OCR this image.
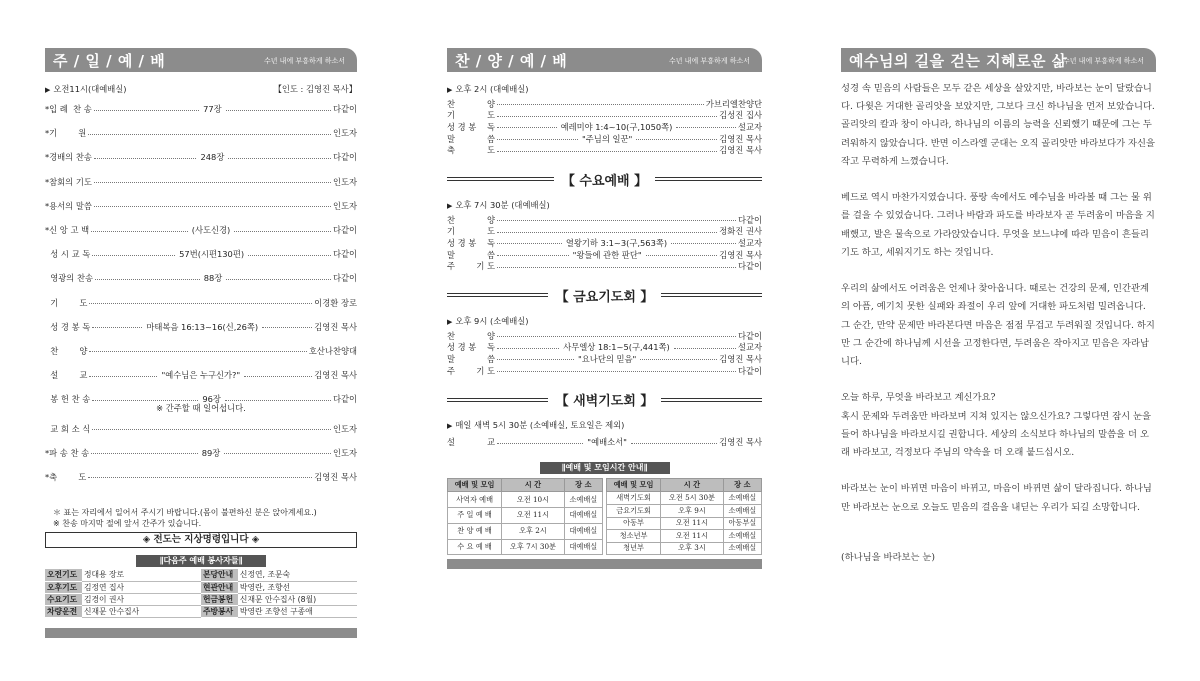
주 / 일 / 예 / 배	수년 내에 부흥하게 하소서
▶ 오전11시(대예배실)	【인도 : 김영진 목사】
*입 례  찬 송	77장	다같이
*기        원	인도자
*경배의 찬송	248장	다같이
*참회의 기도	인도자
*용서의 말씀	인도자
*신 앙 고 백	(사도신경)	다같이
성 시 교 독	57번(시편130편)	다같이
영광의 찬송	88장	다같이
기        도	이경환 장로
성 경 봉 독	마태복음 16:13~16(신,26쪽)	김영진 목사
찬        양	호산나찬양대
설        교	"예수님은 누구신가?"	김영진 목사
봉 헌 찬 송	96장	다같이
※ 간주할 때 일어섭니다.
교 회 소 식	인도자
*파 송 찬 송	89장	인도자
*축        도	김영진 목사
＊ 표는 자리에서 일어서 주시기 바랍니다.(몸이 불편하신 분은 앉아계세요.)
※ 찬송 마지막 절에 앞서 간주가 있습니다.
◈ 전도는 지상명령입니다 ◈
∥다음주 예배 봉사자들∥
오전기도	정대용 장로	본당안내	신정연, 조문숙
오후기도	김정연 집사	현관안내	박영란, 조향선
수요기도	김경이 권사	헌금봉헌	신재문 안수집사 (8월)
차량운전	신재문 안수집사	주방봉사	박영란 조향선 구종애
찬 / 양 / 예 / 배	수년 내에 부흥하게 하소서
▶ 오후 2시 (대예배실)
찬	양	가브리엘찬양단
기	도	김성진 집사
성 경 봉 독	예레미야 1:4~10(구,1050쪽)	설교자
말	씀	"주님의 일꾼"	김영진 목사
축	도	김영진 목사
【 수요예배 】
▶ 오후 7시 30분 (대예배실)
찬	양	다같이
기	도	정화진 권사
성 경 봉 독	열왕기하 3:1~3(구,563쪽)	설교자
말	씀	"왕들에 관한 판단"	김영진 목사
주	기 도	다같이
【 금요기도회 】
▶ 오후 9시 (소예배실)
찬	양	다같이
성 경 봉 독	사무엘상 18:1~5(구,441쪽)	설교자
말	씀	"요나단의 믿음"	김영진 목사
주	기 도	다같이
【 새벽기도회 】
▶ 매일 새벽 5시 30분 (소예배실, 토요일은 제외)
설	교	"예배소서"	김영진 목사
∥예배 및 모임시간 안내∥
예배 및 모임	시 간	장 소
사역자 예배	오전 10시	소예배실
주 일 예 배	오전 11시	대예배실
찬 양 예 배	오후 2시	대예배실
수 요 예 배	오후 7시 30분	대예배실
예배 및 모임	시 간	장 소
새벽기도회	오전 5시 30분	소예배실
금요기도회	오후 9시	소예배실
아동부	오전 11시	아동부실
청소년부	오전 11시	소예배실
청년부	오후 3시	소예배실
예수님의 길을 걷는 지혜로운 삶
수년 내에 부흥하게 하소서

성경 속 믿음의 사람들은 모두 같은 세상을 살았지만, 바라보는 눈이 달랐습니다. 다윗은 거대한 골리앗을 보았지만, 그보다 크신 하나님을 먼저 보았습니다. 골리앗의 칼과 창이 아니라, 하나님의 이름의 능력을 신뢰했기 때문에 그는 두려워하지 않았습니다. 반면 이스라엘 군대는 오직 골리앗만 바라보다가 자신을 작고 무력하게 느꼈습니다.

베드로 역시 마찬가지였습니다. 풍랑 속에서도 예수님을 바라볼 때 그는 물 위를 걸을 수 있었습니다. 그러나 바람과 파도를 바라보자 곧 두려움이 마음을 지배했고, 발은 물속으로 가라앉았습니다. 무엇을 보느냐에 따라 믿음이 흔들리기도 하고, 세워지기도 하는 것입니다.

우리의 삶에서도 어려움은 언제나 찾아옵니다. 때로는 건강의 문제, 인간관계의 아픔, 예기치 못한 실패와 좌절이 우리 앞에 거대한 파도처럼 밀려옵니다. 그 순간, 만약 문제만 바라본다면 마음은 점점 무겁고 두려워질 것입니다. 하지만 그 순간에 하나님께 시선을 고정한다면, 두려움은 작아지고 믿음은 자라납니다.

오늘 하루, 무엇을 바라보고 계신가요?
혹시 문제와 두려움만 바라보며 지쳐 있지는 않으신가요? 그렇다면 잠시 눈을 들어 하나님을 바라보시길 권합니다. 세상의 소식보다 하나님의 말씀을 더 오래 바라보고, 걱정보다 주님의 약속을 더 오래 붙드십시오.

바라보는 눈이 바뀌면 마음이 바뀌고, 마음이 바뀌면 삶이 달라집니다. 하나님만 바라보는 눈으로 오늘도 믿음의 걸음을 내딛는 우리가 되길 소망합니다.

(하나님을 바라보는 눈)
